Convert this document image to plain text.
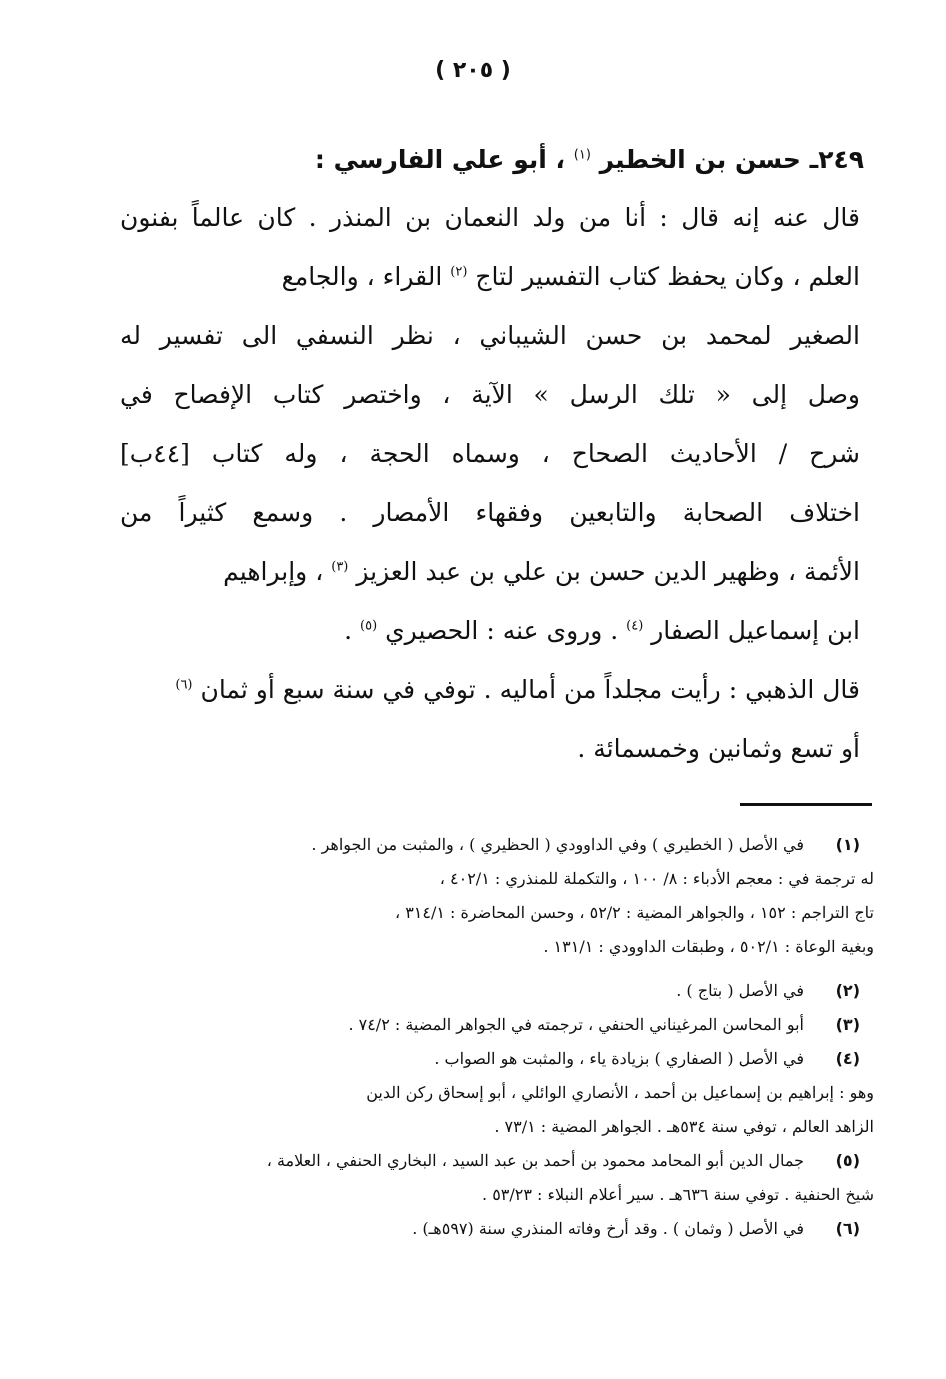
( ٢٠٥ )
٢٤٩ـ حسن بن الخطير $^{(١)}$ ، أبو علي الفارسي :
قال عنه إنه قال : أنا من ولد النعمان بن المنذر . كان عالماً بفنون
العلم ، وكان يحفظ كتاب التفسير لتاج $^{(٢)}$ القراء ، والجامع
الصغير لمحمد بن حسن الشيباني ، نظر النسفي الى تفسير له
وصل إلى « تلك الرسل » الآية ، واختصر كتاب الإفصاح في
شرح / الأحاديث الصحاح ، وسماه الحجة ، وله كتاب [٤٤ب]
اختلاف الصحابة والتابعين وفقهاء الأمصار . وسمع كثيراً من
الأئمة ، وظهير الدين حسن بن علي بن عبد العزيز $^{(٣)}$ ، وإبراهيم
ابن إسماعيل الصفار $^{(٤)}$ . وروى عنه : الحصيري $^{(٥)}$ .
قال الذهبي : رأيت مجلداً من أماليه . توفي في سنة سبع أو ثمان $^{(٦)}$
أو تسع وثمانين وخمسمائة .
(١)
في الأصل ( الخطيري ) وفي الداوودي ( الحظيري ) ، والمثبت من الجواهر .
له ترجمة في : معجم الأدباء : ٨/ ١٠٠ ، والتكملة للمنذري : ٤٠٢/١ ،
تاج التراجم : ١٥٢ ، والجواهر المضية : ٥٢/٢ ، وحسن المحاضرة : ٣١٤/١ ،
وبغية الوعاة : ٥٠٢/١ ، وطبقات الداوودي : ١٣١/١ .
(٢)
في الأصل ( بتاج ) .
(٣)
أبو المحاسن المرغيناني الحنفي ، ترجمته في الجواهر المضية : ٧٤/٢ .
(٤)
في الأصل ( الصفاري ) بزيادة ياء ، والمثبت هو الصواب .
وهو : إبراهيم بن إسماعيل بن أحمد ، الأنصاري الوائلي ، أبو إسحاق ركن الدين
الزاهد العالم ، توفي سنة ٥٣٤هـ . الجواهر المضية : ٧٣/١ .
(٥)
جمال الدين أبو المحامد محمود بن أحمد بن عبد السيد ، البخاري الحنفي ، العلامة ،
شيخ الحنفية . توفي سنة ٦٣٦هـ . سير أعلام النبلاء : ٥٣/٢٣ .
(٦)
في الأصل ( وثمان ) . وقد أرخ وفاته المنذري سنة (٥٩٧هـ) .
